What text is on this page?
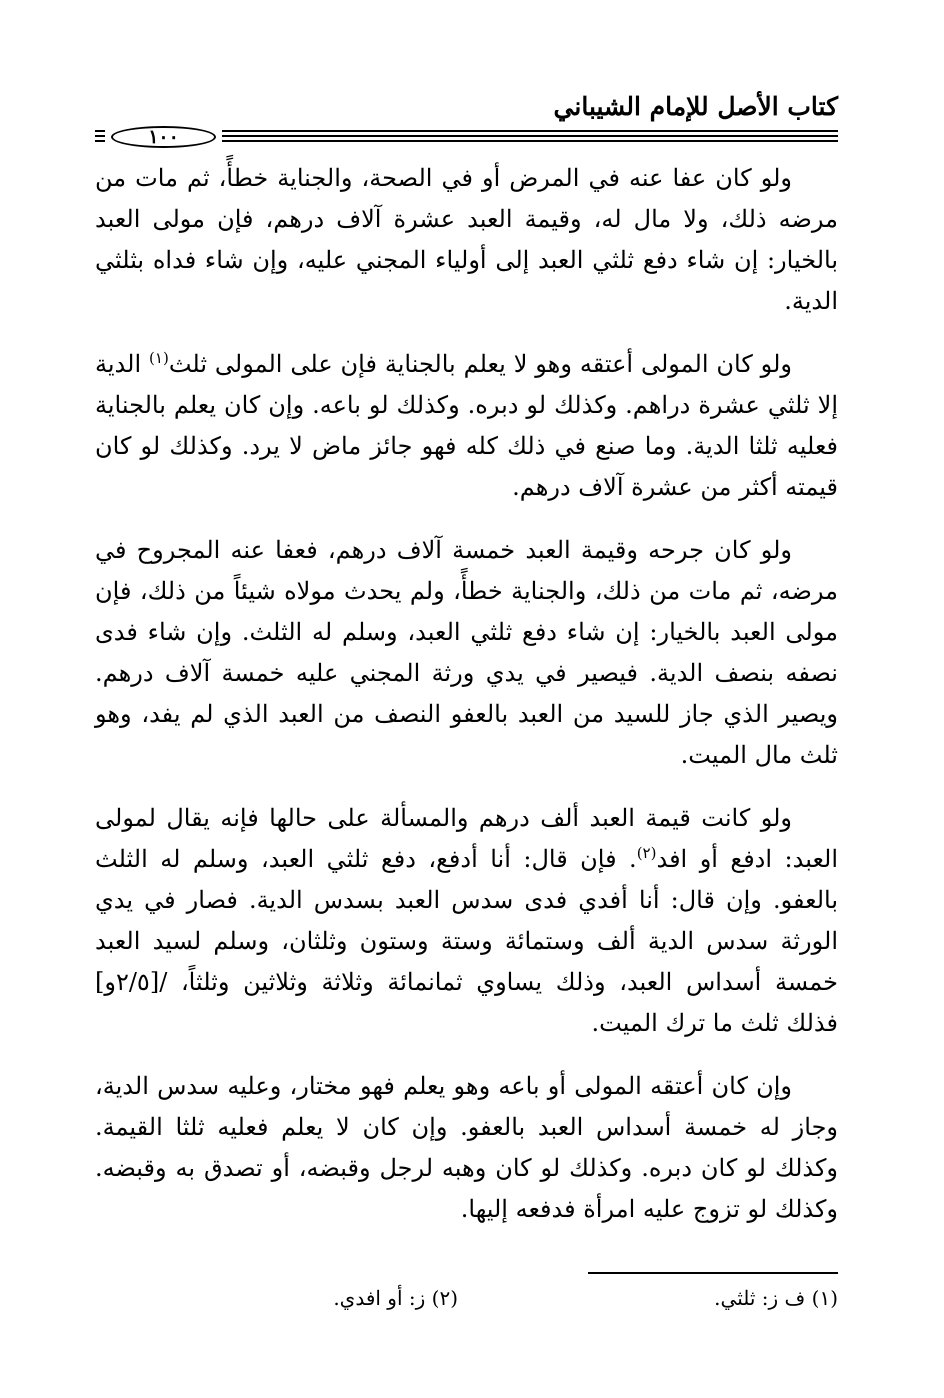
كتاب الأصل للإمام الشيباني
١٠٠

ولو كان عفا عنه في المرض أو في الصحة، والجناية خطأً، ثم مات من مرضه ذلك، ولا مال له، وقيمة العبد عشرة آلاف درهم، فإن مولى العبد بالخيار: إن شاء دفع ثلثي العبد إلى أولياء المجني عليه، وإن شاء فداه بثلثي الدية.

ولو كان المولى أعتقه وهو لا يعلم بالجناية فإن على المولى ثلث$^{(١)}$ الدية إلا ثلثي عشرة دراهم. وكذلك لو دبره. وكذلك لو باعه. وإن كان يعلم بالجناية فعليه ثلثا الدية. وما صنع في ذلك كله فهو جائز ماض لا يرد. وكذلك لو كان قيمته أكثر من عشرة آلاف درهم.

ولو كان جرحه وقيمة العبد خمسة آلاف درهم، فعفا عنه المجروح في مرضه، ثم مات من ذلك، والجناية خطأً، ولم يحدث مولاه شيئاً من ذلك، فإن مولى العبد بالخيار: إن شاء دفع ثلثي العبد، وسلم له الثلث. وإن شاء فدى نصفه بنصف الدية. فيصير في يدي ورثة المجني عليه خمسة آلاف درهم. ويصير الذي جاز للسيد من العبد بالعفو النصف من العبد الذي لم يفد، وهو ثلث مال الميت.

ولو كانت قيمة العبد ألف درهم والمسألة على حالها فإنه يقال لمولى العبد: ادفع أو افد$^{(٢)}$. فإن قال: أنا أدفع، دفع ثلثي العبد، وسلم له الثلث بالعفو. وإن قال: أنا أفدي فدى سدس العبد بسدس الدية. فصار في يدي الورثة سدس الدية ألف وستمائة وستة وستون وثلثان، وسلم لسيد العبد خمسة أسداس العبد، وذلك يساوي ثمانمائة وثلاثة وثلاثين وثلثاً، /[٢/٥و] فذلك ثلث ما ترك الميت.

وإن كان أعتقه المولى أو باعه وهو يعلم فهو مختار، وعليه سدس الدية، وجاز له خمسة أسداس العبد بالعفو. وإن كان لا يعلم فعليه ثلثا القيمة. وكذلك لو كان دبره. وكذلك لو كان وهبه لرجل وقبضه، أو تصدق به وقبضه. وكذلك لو تزوج عليه امرأة فدفعه إليها.

(١) ف ز: ثلثي.
(٢) ز: أو افدي.
